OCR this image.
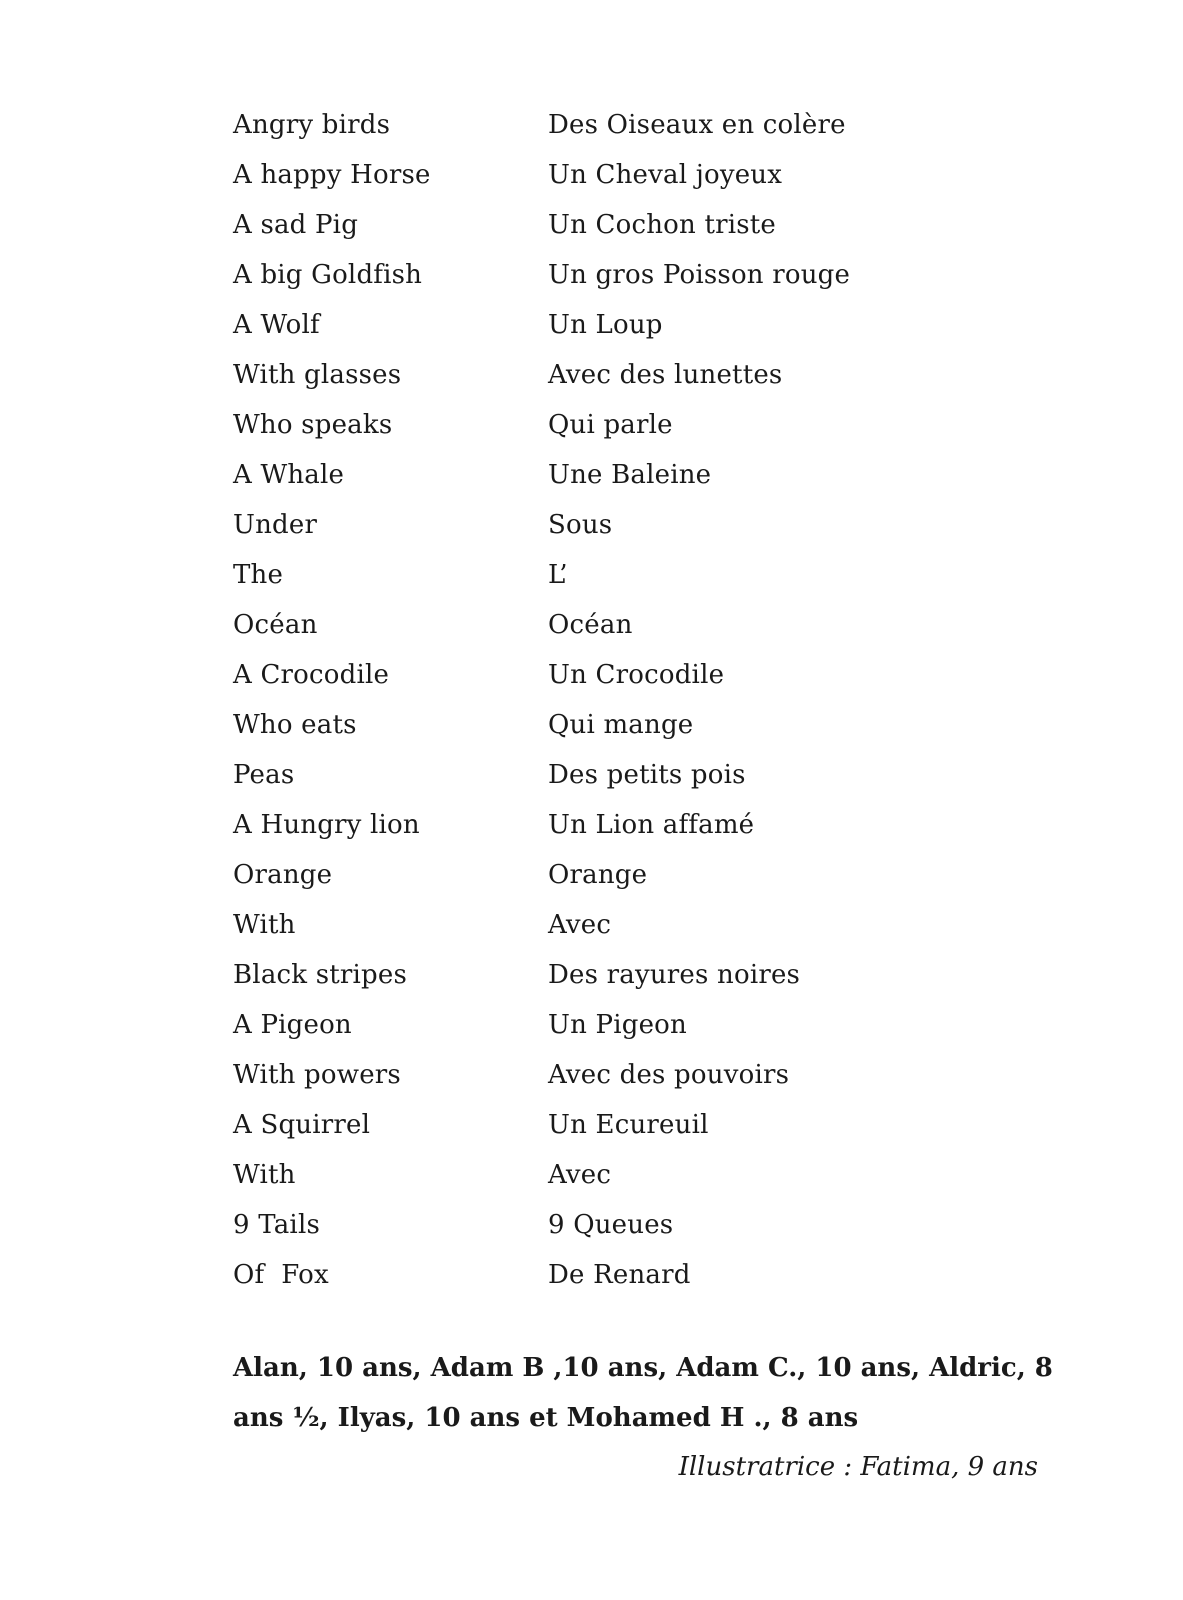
Angry birds	Des Oiseaux en colère
A happy Horse	Un Cheval joyeux
A sad Pig	Un Cochon triste
A big Goldfish	Un gros Poisson rouge
A Wolf	Un Loup
With glasses	Avec des lunettes
Who speaks	Qui parle
A Whale	Une Baleine
Under	Sous
The	L’
Océan	Océan
A Crocodile	Un Crocodile
Who eats	Qui mange
Peas	Des petits pois
A Hungry lion	Un Lion affamé
Orange	Orange
With	Avec
Black stripes	Des rayures noires
A Pigeon	Un Pigeon
With powers	Avec des pouvoirs
A Squirrel	Un Ecureuil
With	Avec
9 Tails	9 Queues
Of  Fox	De Renard
Alan, 10 ans, Adam B ,10 ans, Adam C., 10 ans, Aldric, 8 ans ½, Ilyas, 10 ans et Mohamed H ., 8 ans
Illustratrice : Fatima, 9 ans
